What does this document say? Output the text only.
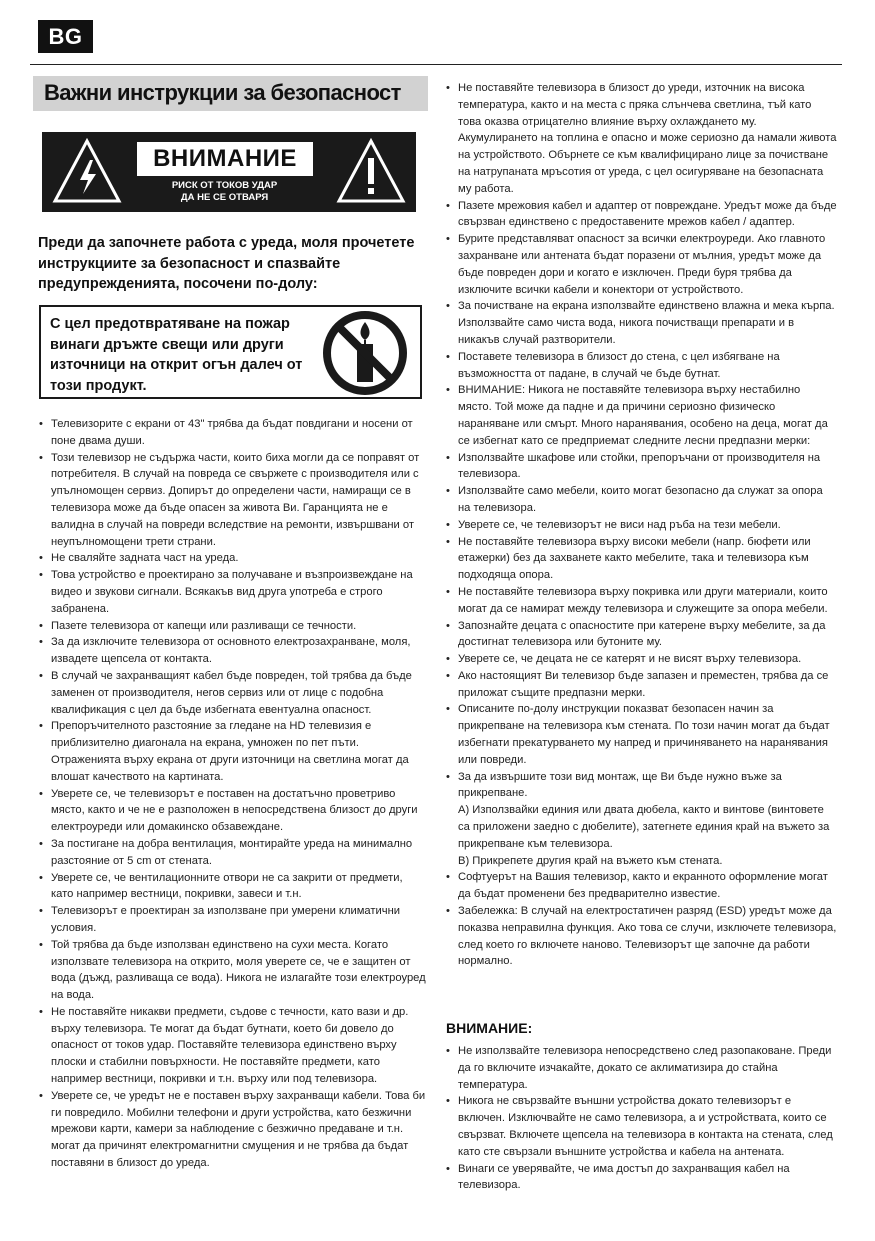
BG
Важни инструкции за безопасност
ВНИМАНИЕ
РИСК ОТ ТОКОВ УДАР
ДА НЕ СЕ ОТВАРЯ
Преди да започнете работа с уреда, моля прочетете инструкциите за безопасност и спазвайте предупрежденията, посочени по-долу:
С цел предотвратяване на пожар винаги дръжте свещи или други източници на открит огън далеч от този продукт.
• Телевизорите с екрани от 43" трябва да бъдат повдигани и носени от поне двама души.
• Този телевизор не съдържа части, които биха могли да се поправят от потребителя. В случай на повреда се свържете с производителя или с упълномощен сервиз. Допирът до определени части, намиращи се в телевизора може да бъде опасен за живота Ви. Гаранцията не е валидна в случай на повреди вследствие на ремонти, извършвани от неупълномощени трети страни.
• Не сваляйте задната част на уреда.
• Това устройство е проектирано за получаване и възпроизвеждане на видео и звукови сигнали. Всякакъв вид друга употреба е строго забранена.
• Пазете телевизора от капещи или разливащи се течности.
• За да изключите телевизора от основното електрозахранване, моля, извадете щепсела от контакта.
• В случай че захранващият кабел бъде повреден, той трябва да бъде заменен от производителя, негов сервиз или от лице с подобна квалификация с цел да бъде избегната евентуална опасност.
• Препоръчителното разстояние за гледане на HD телевизия е приблизително диагонала на екрана, умножен по пет пъти. Отраженията върху екрана от други източници на светлина могат да влошат качеството на картината.
• Уверете се, че телевизорът е поставен на достатъчно проветриво място, както и че не е разположен в непосредствена близост до други електроуреди или домакинско обзавеждане.
• За постигане на добра вентилация, монтирайте уреда на минимално разстояние от 5 cm от стената.
• Уверете се, че вентилационните отвори не са закрити от предмети, като например вестници, покривки, завеси и т.н.
• Телевизорът е проектиран за използване при умерени климатични условия.
• Той трябва да бъде използван единствено на сухи места. Когато използвате телевизора на открито, моля уверете се, че е защитен от вода (дъжд, разливаща се вода). Никога не излагайте този електроуред на вода.
• Не поставяйте никакви предмети, съдове с течности, като вази и др. върху телевизора. Те могат да бъдат бутнати, което би довело до опасност от токов удар. Поставяйте телевизора единствено върху плоски и стабилни повърхности. Не поставяйте предмети, като например вестници, покривки и т.н. върху или под телевизора.
• Уверете се, че уредът не е поставен върху захранващи кабели. Това би ги повредило. Мобилни телефони и други устройства, като безжични мрежови карти, камери за наблюдение с безжично предаване и т.н. могат да причинят електромагнитни смущения и не трябва да бъдат поставяни в близост до уреда.
• Не поставяйте телевизора в близост до уреди, източник на висока температура, както и на места с пряка слънчева светлина, тъй като това оказва отрицателно влияние върху охлаждането му. Акумулирането на топлина е опасно и може сериозно да намали живота на устройството. Обърнете се към квалифицирано лице за почистване на натрупаната мръсотия от уреда, с цел осигуряване на безопасната му работа.
• Пазете мрежовия кабел и адаптер от повреждане. Уредът може да бъде свързван единствено с предоставените мрежов кабел / адаптер.
• Бурите представляват опасност за всички електроуреди. Ако главното захранване или антената бъдат поразени от мълния, уредът може да бъде повреден дори и когато е изключен. Преди буря трябва да изключите всички кабели и конектори от устройството.
• За почистване на екрана използвайте единствено влажна и мека кърпа. Използвайте само чиста вода, никога почистващи препарати и в никакъв случай разтворители.
• Поставете телевизора в близост до стена, с цел избягване на възможността от падане, в случай че бъде бутнат.
• ВНИМАНИЕ: Никога не поставяйте телевизора върху нестабилно място. Той може да падне и да причини сериозно физическо нараняване или смърт. Много наранявания, особено на деца, могат да се избегнат като се предприемат следните лесни предпазни мерки:
• Използвайте шкафове или стойки, препоръчани от производителя на телевизора.
• Използвайте само мебели, които могат безопасно да служат за опора на телевизора.
• Уверете се, че телевизорът не виси над ръба на тези мебели.
• Не поставяйте телевизора върху високи мебели (напр. бюфети или етажерки) без да захванете както мебелите, така и телевизора към подходяща опора.
• Не поставяйте телевизора върху покривка или други материали, които могат да се намират между телевизора и служещите за опора мебели.
• Запознайте децата с опасностите при катерене върху мебелите, за да достигнат телевизора или бутоните му.
• Уверете се, че децата не се катерят и не висят върху телевизора.
• Ако настоящият Ви телевизор бъде запазен и преместен, трябва да се приложат същите предпазни мерки.
• Описаните по-долу инструкции показват безопасен начин за прикрепване на телевизора към стената. По този начин могат да бъдат избегнати прекатурването му напред и причиняването на наранявания или повреди.
• За да извършите този вид монтаж, ще Ви бъде нужно въже за прикрепване.
А) Използвайки единия или двата дюбела, както и винтове (винтовете са приложени заедно с дюбелите), затегнете единия край на въжето за прикрепване към телевизора.
В) Прикрепете другия край на въжето към стената.
• Софтуерът на Вашия телевизор, както и екранното оформление могат да бъдат променени без предварително известие.
• Забележка: В случай на електростатичен разряд (ESD) уредът може да показва неправилна функция. Ако това се случи, изключете телевизора, след което го включете наново. Телевизорът ще започне да работи нормално.
ВНИМАНИЕ:
• Не използвайте телевизора непосредствено след разопаковане. Преди да го включите изчакайте, докато се аклиматизира до стайна температура.
• Никога не свързвайте външни устройства докато телевизорът е включен. Изключвайте не само телевизора, а и устройствата, които се свързват. Включете щепсела на телевизора в контакта на стената, след като сте свързали външните устройства и кабела на антената.
• Винаги се уверявайте, че има достъп до захранващия кабел на телевизора.
